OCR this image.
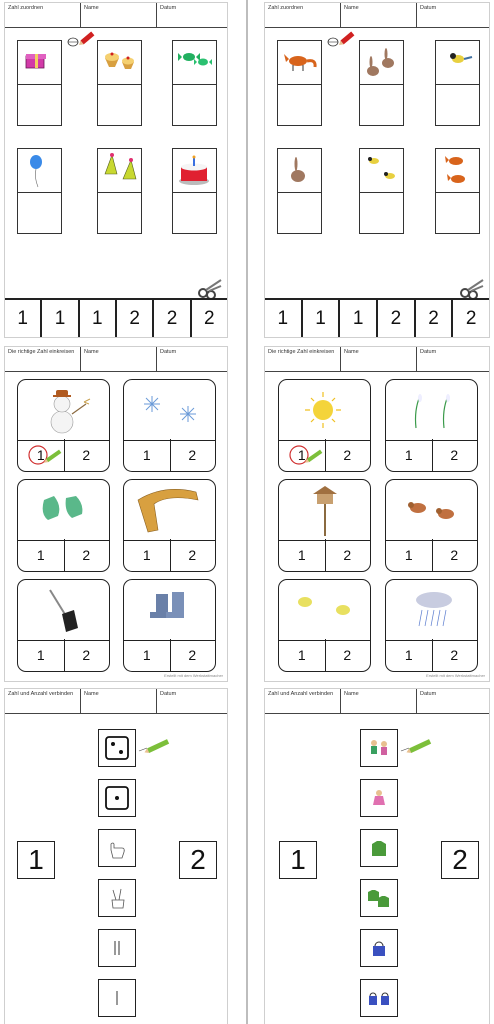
Zahl zuordnen	Name	Datum
1	1	1	2	2	2
Zahl zuordnen	Name	Datum
1	1	1	2	2	2
Die richtige Zahl einkreisen	Name	Datum
1	2	1	2
1	2	1	2
1	2	1	2
Erstellt mit dem Werkstattmacher
Die richtige Zahl einkreisen	Name	Datum
1	2	1	2
1	2	1	2
1	2	1	2
Erstellt mit dem Werkstattmacher
Zahl und Anzahl verbinden	Name	Datum
1	2
Zahl und Anzahl verbinden	Name	Datum
1	2
